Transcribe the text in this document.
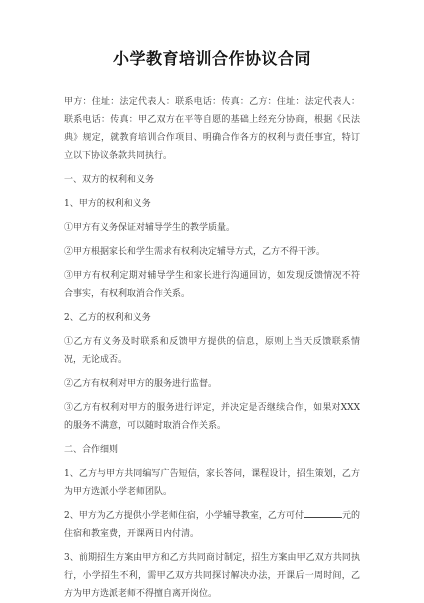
小学教育培训合作协议合同

甲方：住址：法定代表人：联系电话：传真：乙方：住址：法定代表人：联系电话：传真：甲乙双方在平等自愿的基础上经充分协商，根据《民法典》规定，就教育培训合作项目、明确合作各方的权利与责任事宜，特订立以下协议条款共同执行。

一、双方的权利和义务

1、甲方的权利和义务

①甲方有义务保证对辅导学生的教学质量。

②甲方根据家长和学生需求有权利决定辅导方式，乙方不得干涉。

③甲方有权利定期对辅导学生和家长进行沟通回访，如发现反馈情况不符合事实，有权利取消合作关系。

2、乙方的权利和义务

①乙方有义务及时联系和反馈甲方提供的信息，原则上当天反馈联系情况，无论成否。

②乙方有权利对甲方的服务进行监督。

③乙方有权利对甲方的服务进行评定，并决定是否继续合作，如果对XXX的服务不满意，可以随时取消合作关系。

二、合作细则

1、乙方与甲方共同编写广告短信，家长答问，课程设计，招生策划，乙方为甲方选派小学老师团队。

2、甲方为乙方提供小学老师住宿，小学辅导教室，乙方可付	元的住宿和教室费，开课两日内付清。

3、前期招生方案由甲方和乙方共同商讨制定，招生方案由甲乙双方共同执行，小学招生不利，需甲乙双方共同探讨解决办法，开课后一周时间，乙方为甲方选派老师不得擅自离开岗位。
